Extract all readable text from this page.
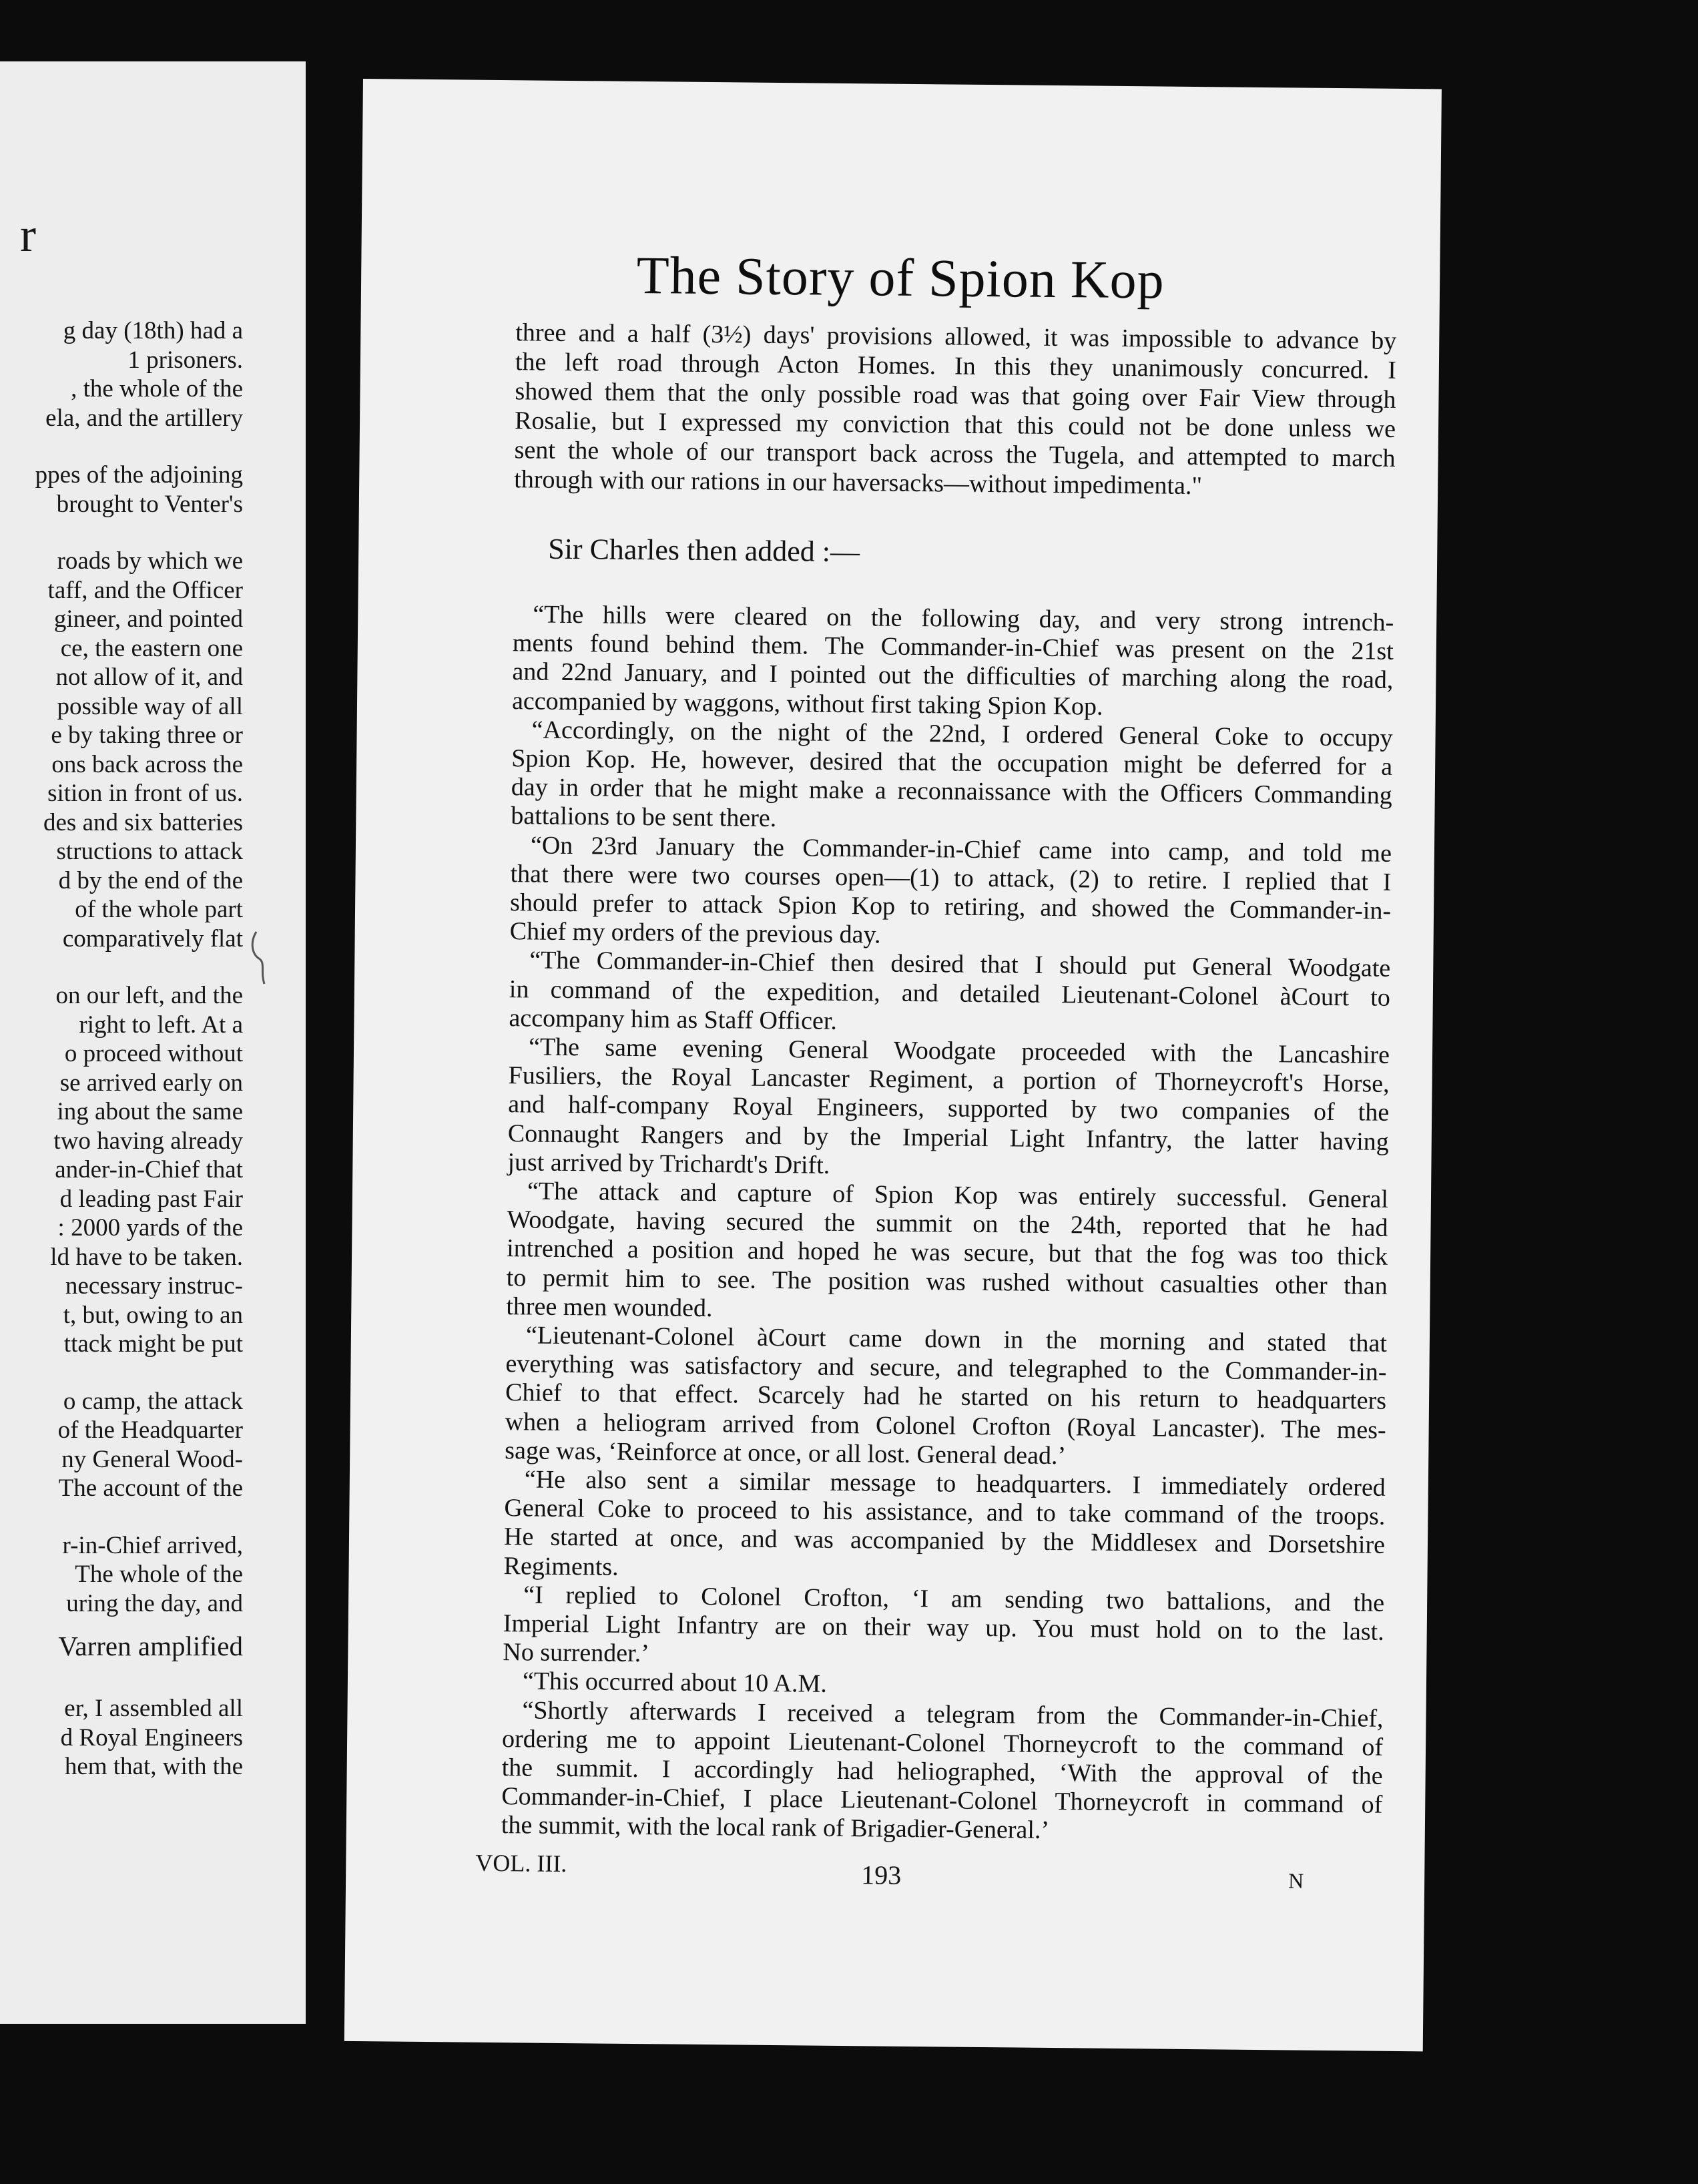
r
g day (18th) had a
1 prisoners.
, the whole of the
ela, and the artillery
ppes of the adjoining
brought to Venter's
roads by which we
taff, and the Officer
gineer, and pointed
ce, the eastern one
not allow of it, and
possible way of all
e by taking three or
ons back across the
sition in front of us.
des and six batteries
structions to attack
d by the end of the
of the whole part
comparatively flat
on our left, and the
right to left. At a
o proceed without
se arrived early on
ing about the same
two having already
ander-in-Chief that
d leading past Fair
: 2000 yards of the
ld have to be taken.
necessary instruc-
t, but, owing to an
ttack might be put
o camp, the attack
of the Headquarter
ny General Wood-
The account of the
r-in-Chief arrived,
The whole of the
uring the day, and
Varren amplified
er, I assembled all
d Royal Engineers
hem that, with the
The Story of Spion Kop
Sir Charles then added :—
VOL. III.	193	N
three and a half (3½) days' provisions allowed, it was impossible to advance by
the left road through Acton Homes. In this they unanimously concurred. I
showed them that the only possible road was that going over Fair View through
Rosalie, but I expressed my conviction that this could not be done unless we
sent the whole of our transport back across the Tugela, and attempted to march
through with our rations in our haversacks—without impedimenta."
“The hills were cleared on the following day, and very strong intrench-
ments found behind them. The Commander-in-Chief was present on the 21st
and 22nd January, and I pointed out the difficulties of marching along the road,
accompanied by waggons, without first taking Spion Kop.
“Accordingly, on the night of the 22nd, I ordered General Coke to occupy
Spion Kop. He, however, desired that the occupation might be deferred for a
day in order that he might make a reconnaissance with the Officers Commanding
battalions to be sent there.
“On 23rd January the Commander-in-Chief came into camp, and told me
that there were two courses open—(1) to attack, (2) to retire. I replied that I
should prefer to attack Spion Kop to retiring, and showed the Commander-in-
Chief my orders of the previous day.
“The Commander-in-Chief then desired that I should put General Woodgate
in command of the expedition, and detailed Lieutenant-Colonel àCourt to
accompany him as Staff Officer.
“The same evening General Woodgate proceeded with the Lancashire
Fusiliers, the Royal Lancaster Regiment, a portion of Thorneycroft's Horse,
and half-company Royal Engineers, supported by two companies of the
Connaught Rangers and by the Imperial Light Infantry, the latter having
just arrived by Trichardt's Drift.
“The attack and capture of Spion Kop was entirely successful. General
Woodgate, having secured the summit on the 24th, reported that he had
intrenched a position and hoped he was secure, but that the fog was too thick
to permit him to see. The position was rushed without casualties other than
three men wounded.
“Lieutenant-Colonel àCourt came down in the morning and stated that
everything was satisfactory and secure, and telegraphed to the Commander-in-
Chief to that effect. Scarcely had he started on his return to headquarters
when a heliogram arrived from Colonel Crofton (Royal Lancaster). The mes-
sage was, ‘Reinforce at once, or all lost. General dead.’
“He also sent a similar message to headquarters. I immediately ordered
General Coke to proceed to his assistance, and to take command of the troops.
He started at once, and was accompanied by the Middlesex and Dorsetshire
Regiments.
“I replied to Colonel Crofton, ‘I am sending two battalions, and the
Imperial Light Infantry are on their way up. You must hold on to the last.
No surrender.’
“This occurred about 10 A.M.
“Shortly afterwards I received a telegram from the Commander-in-Chief,
ordering me to appoint Lieutenant-Colonel Thorneycroft to the command of
the summit. I accordingly had heliographed, ‘With the approval of the
Commander-in-Chief, I place Lieutenant-Colonel Thorneycroft in command of
the summit, with the local rank of Brigadier-General.’
